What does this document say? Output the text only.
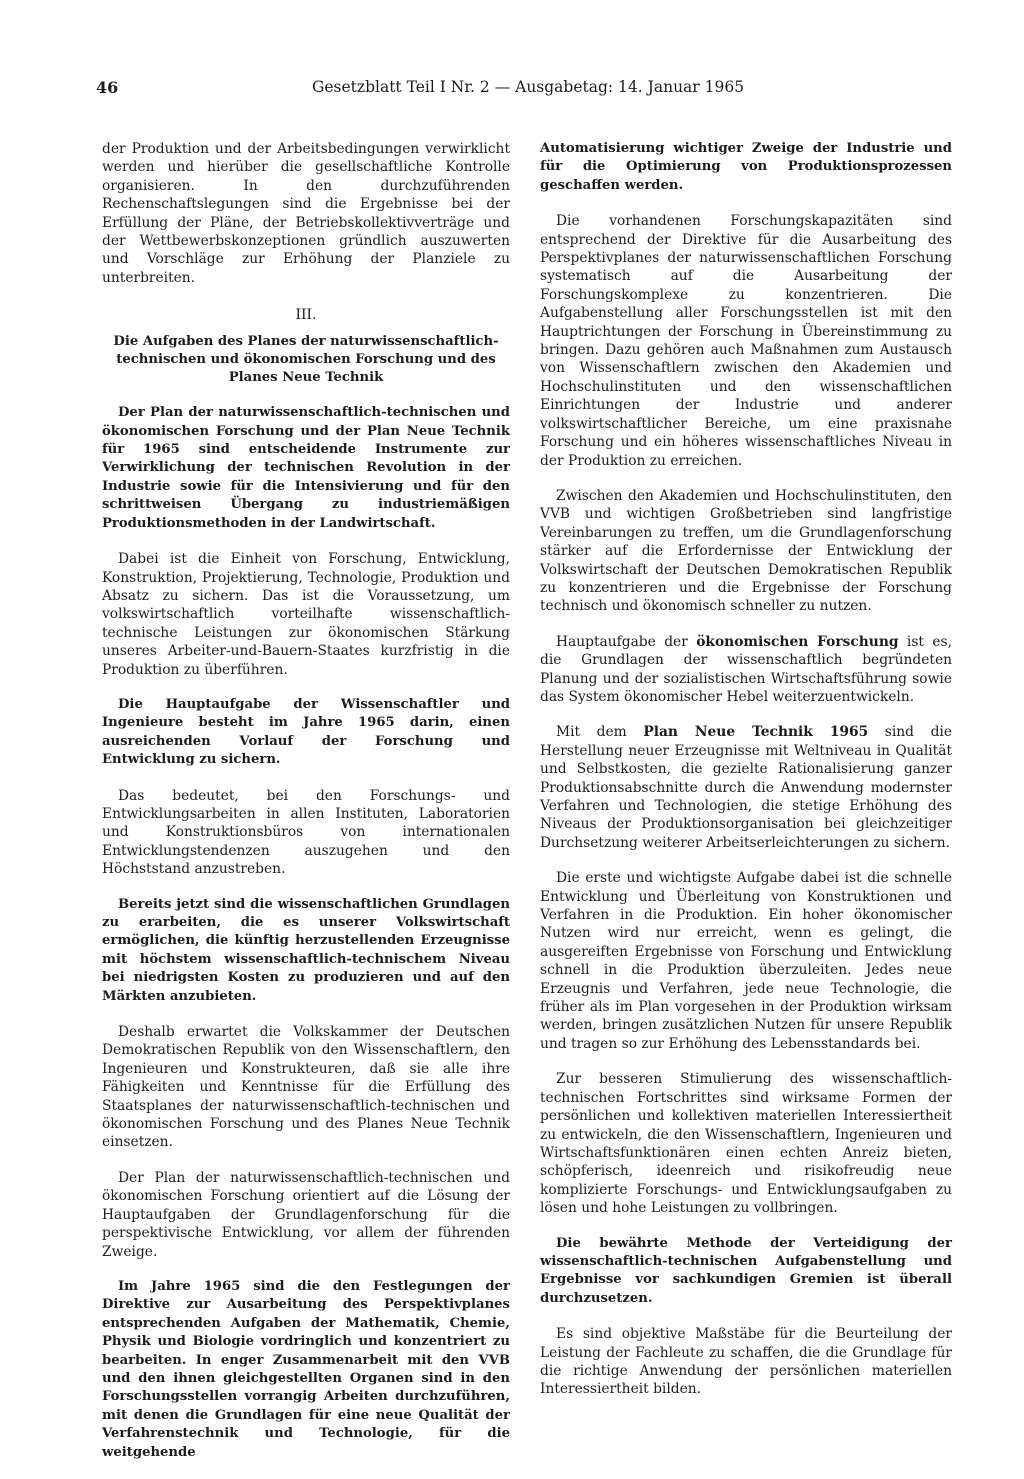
46	Gesetzblatt Teil I Nr. 2 — Ausgabetag: 14. Januar 1965

der Produktion und der Arbeitsbedingungen verwirklicht werden und hierüber die gesellschaftliche Kontrolle organisieren. In den durchzuführenden Rechenschaftslegungen sind die Ergebnisse bei der Erfüllung der Pläne, der Betriebskollektivverträge und der Wettbewerbskonzeptionen gründlich auszuwerten und Vorschläge zur Erhöhung der Planziele zu unterbreiten.

III.
Die Aufgaben des Planes der naturwissenschaftlich-technischen und ökonomischen Forschung und des Planes Neue Technik

Der Plan der naturwissenschaftlich-technischen und ökonomischen Forschung und der Plan Neue Technik für 1965 sind entscheidende Instrumente zur Verwirklichung der technischen Revolution in der Industrie sowie für die Intensivierung und für den schrittweisen Übergang zu industriemäßigen Produktionsmethoden in der Landwirtschaft.

Dabei ist die Einheit von Forschung, Entwicklung, Konstruktion, Projektierung, Technologie, Produktion und Absatz zu sichern. Das ist die Voraussetzung, um volkswirtschaftlich vorteilhafte wissenschaftlich-technische Leistungen zur ökonomischen Stärkung unseres Arbeiter-und-Bauern-Staates kurzfristig in die Produktion zu überführen.

Die Hauptaufgabe der Wissenschaftler und Ingenieure besteht im Jahre 1965 darin, einen ausreichenden Vorlauf der Forschung und Entwicklung zu sichern.

Das bedeutet, bei den Forschungs- und Entwicklungsarbeiten in allen Instituten, Laboratorien und Konstruktionsbüros von internationalen Entwicklungstendenzen auszugehen und den Höchststand anzustreben.

Bereits jetzt sind die wissenschaftlichen Grundlagen zu erarbeiten, die es unserer Volkswirtschaft ermöglichen, die künftig herzustellenden Erzeugnisse mit höchstem wissenschaftlich-technischem Niveau bei niedrigsten Kosten zu produzieren und auf den Märkten anzubieten.

Deshalb erwartet die Volkskammer der Deutschen Demokratischen Republik von den Wissenschaftlern, den Ingenieuren und Konstrukteuren, daß sie alle ihre Fähigkeiten und Kenntnisse für die Erfüllung des Staatsplanes der naturwissenschaftlich-technischen und ökonomischen Forschung und des Planes Neue Technik einsetzen.

Der Plan der naturwissenschaftlich-technischen und ökonomischen Forschung orientiert auf die Lösung der Hauptaufgaben der Grundlagenforschung für die perspektivische Entwicklung, vor allem der führenden Zweige.

Im Jahre 1965 sind die den Festlegungen der Direktive zur Ausarbeitung des Perspektivplanes entsprechenden Aufgaben der Mathematik, Chemie, Physik und Biologie vordringlich und konzentriert zu bearbeiten. In enger Zusammenarbeit mit den VVB und den ihnen gleichgestellten Organen sind in den Forschungsstellen vorrangig Arbeiten durchzuführen, mit denen die Grundlagen für eine neue Qualität der Verfahrenstechnik und Technologie, für die weitgehende

Automatisierung wichtiger Zweige der Industrie und für die Optimierung von Produktionsprozessen geschaffen werden.

Die vorhandenen Forschungskapazitäten sind entsprechend der Direktive für die Ausarbeitung des Perspektivplanes der naturwissenschaftlichen Forschung systematisch auf die Ausarbeitung der Forschungskomplexe zu konzentrieren. Die Aufgabenstellung aller Forschungsstellen ist mit den Hauptrichtungen der Forschung in Übereinstimmung zu bringen. Dazu gehören auch Maßnahmen zum Austausch von Wissenschaftlern zwischen den Akademien und Hochschulinstituten und den wissenschaftlichen Einrichtungen der Industrie und anderer volkswirtschaftlicher Bereiche, um eine praxisnahe Forschung und ein höheres wissenschaftliches Niveau in der Produktion zu erreichen.

Zwischen den Akademien und Hochschulinstituten, den VVB und wichtigen Großbetrieben sind langfristige Vereinbarungen zu treffen, um die Grundlagenforschung stärker auf die Erfordernisse der Entwicklung der Volkswirtschaft der Deutschen Demokratischen Republik zu konzentrieren und die Ergebnisse der Forschung technisch und ökonomisch schneller zu nutzen.

Hauptaufgabe der ökonomischen Forschung ist es, die Grundlagen der wissenschaftlich begründeten Planung und der sozialistischen Wirtschaftsführung sowie das System ökonomischer Hebel weiterzuentwickeln.

Mit dem Plan Neue Technik 1965 sind die Herstellung neuer Erzeugnisse mit Weltniveau in Qualität und Selbstkosten, die gezielte Rationalisierung ganzer Produktionsabschnitte durch die Anwendung modernster Verfahren und Technologien, die stetige Erhöhung des Niveaus der Produktionsorganisation bei gleichzeitiger Durchsetzung weiterer Arbeitserleichterungen zu sichern.

Die erste und wichtigste Aufgabe dabei ist die schnelle Entwicklung und Überleitung von Konstruktionen und Verfahren in die Produktion. Ein hoher ökonomischer Nutzen wird nur erreicht, wenn es gelingt, die ausgereiften Ergebnisse von Forschung und Entwicklung schnell in die Produktion überzuleiten. Jedes neue Erzeugnis und Verfahren, jede neue Technologie, die früher als im Plan vorgesehen in der Produktion wirksam werden, bringen zusätzlichen Nutzen für unsere Republik und tragen so zur Erhöhung des Lebensstandards bei.

Zur besseren Stimulierung des wissenschaftlich-technischen Fortschrittes sind wirksame Formen der persönlichen und kollektiven materiellen Interessiertheit zu entwickeln, die den Wissenschaftlern, Ingenieuren und Wirtschaftsfunktionären einen echten Anreiz bieten, schöpferisch, ideenreich und risikofreudig neue komplizierte Forschungs- und Entwicklungsaufgaben zu lösen und hohe Leistungen zu vollbringen.

Die bewährte Methode der Verteidigung der wissenschaftlich-technischen Aufgabenstellung und Ergebnisse vor sachkundigen Gremien ist überall durchzusetzen.

Es sind objektive Maßstäbe für die Beurteilung der Leistung der Fachleute zu schaffen, die die Grundlage für die richtige Anwendung der persönlichen materiellen Interessiertheit bilden.
